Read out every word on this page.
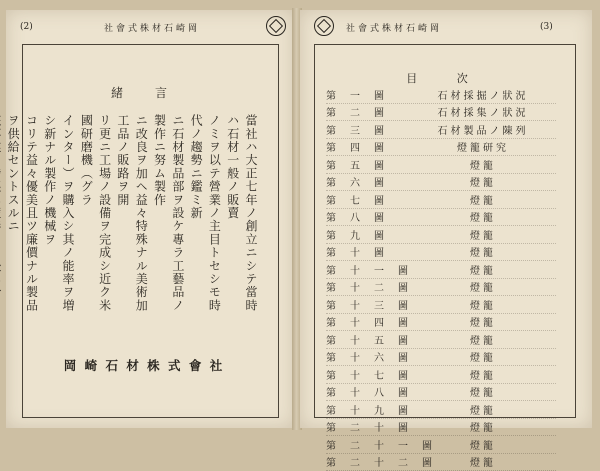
(2)	岡崎石材株式會社
緒　言
當社ハ大正七年ノ創立ニシテ當時ハ石材一般ノ販賣
ノミヲ以テ營業ノ主目トセシモ時代ノ趨勢ニ鑑ミ新
ニ石材製品部ヲ設ケ專ラ工藝品ノ製作ニ努ム製作
ニ改良ヲ加ヘ益々特殊ナル美術加工品ノ販路ヲ開
リ更ニ工場ノ設備ヲ完成シ近ク米國研磨機（グラ
インター）ヲ購入シ其ノ能率ヲ増シ新ナル製作ノ機械ヲ
コリテ益々優美且ツ廉價ナル製品ヲ供給セントスルニ
岡 崎 石 材 株 式 會 社
岡崎石材株式會社	(3)
目 次
第　一　圖	石材採掘ノ狀況
第　二　圖	石材採集ノ狀況
第　三　圖	石材製品ノ陳列
第　四　圖	燈籠研究
第　五　圖	燈籠
第　六　圖	燈籠
第　七　圖	燈籠
第　八　圖	燈籠
第　九　圖	燈籠
第　十　圖	燈籠
第　十　一　圖	燈籠
第　十　二　圖	燈籠
第　十　三　圖	燈籠
第　十　四　圖	燈籠
第　十　五　圖	燈籠
第　十　六　圖	燈籠
第　十　七　圖	燈籠
第　十　八　圖	燈籠
第　十　九　圖	燈籠
第　二　十　圖	燈籠
第　二　十　一　圖	燈籠
第　二　十　二　圖	燈籠
